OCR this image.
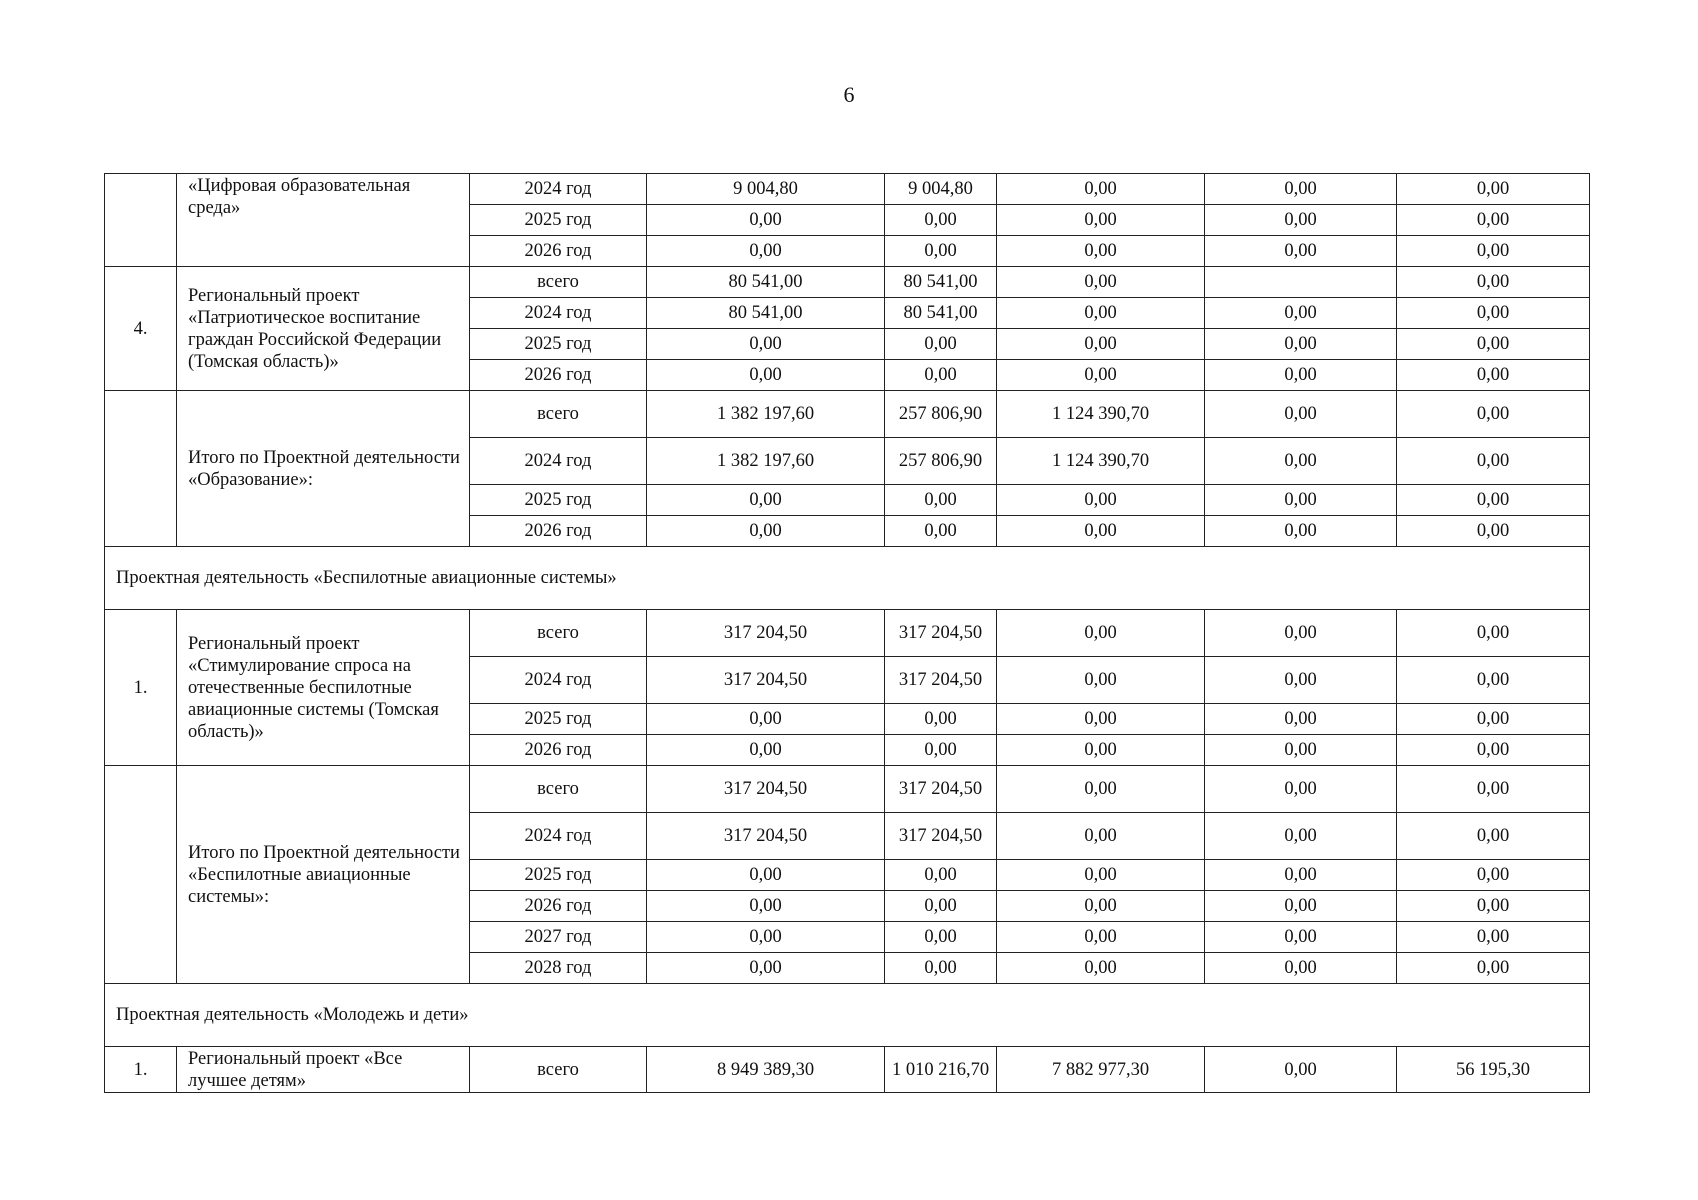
6
	«Цифровая образовательная среда»	2024 год	9 004,80	9 004,80	0,00	0,00	0,00
		2025 год	0,00	0,00	0,00	0,00	0,00
		2026 год	0,00	0,00	0,00	0,00	0,00
4.	Региональный проект «Патриотическое воспитание граждан Российской Федерации (Томская область)»	всего	80 541,00	80 541,00	0,00		0,00
		2024 год	80 541,00	80 541,00	0,00	0,00	0,00
		2025 год	0,00	0,00	0,00	0,00	0,00
		2026 год	0,00	0,00	0,00	0,00	0,00
	Итого по Проектной деятельности «Образование»:	всего	1 382 197,60	257 806,90	1 124 390,70	0,00	0,00
		2024 год	1 382 197,60	257 806,90	1 124 390,70	0,00	0,00
		2025 год	0,00	0,00	0,00	0,00	0,00
		2026 год	0,00	0,00	0,00	0,00	0,00
Проектная деятельность «Беспилотные авиационные системы»							
1.	Региональный проект «Стимулирование спроса на отечественные беспилотные авиационные системы (Томская область)»	всего	317 204,50	317 204,50	0,00	0,00	0,00
		2024 год	317 204,50	317 204,50	0,00	0,00	0,00
		2025 год	0,00	0,00	0,00	0,00	0,00
		2026 год	0,00	0,00	0,00	0,00	0,00
	Итого по Проектной деятельности «Беспилотные авиационные системы»:	всего	317 204,50	317 204,50	0,00	0,00	0,00
		2024 год	317 204,50	317 204,50	0,00	0,00	0,00
		2025 год	0,00	0,00	0,00	0,00	0,00
		2026 год	0,00	0,00	0,00	0,00	0,00
		2027 год	0,00	0,00	0,00	0,00	0,00
		2028 год	0,00	0,00	0,00	0,00	0,00
Проектная деятельность «Молодежь и дети»							
1.	Региональный проект «Все лучшее детям»	всего	8 949 389,30	1 010 216,70	7 882 977,30	0,00	56 195,30
